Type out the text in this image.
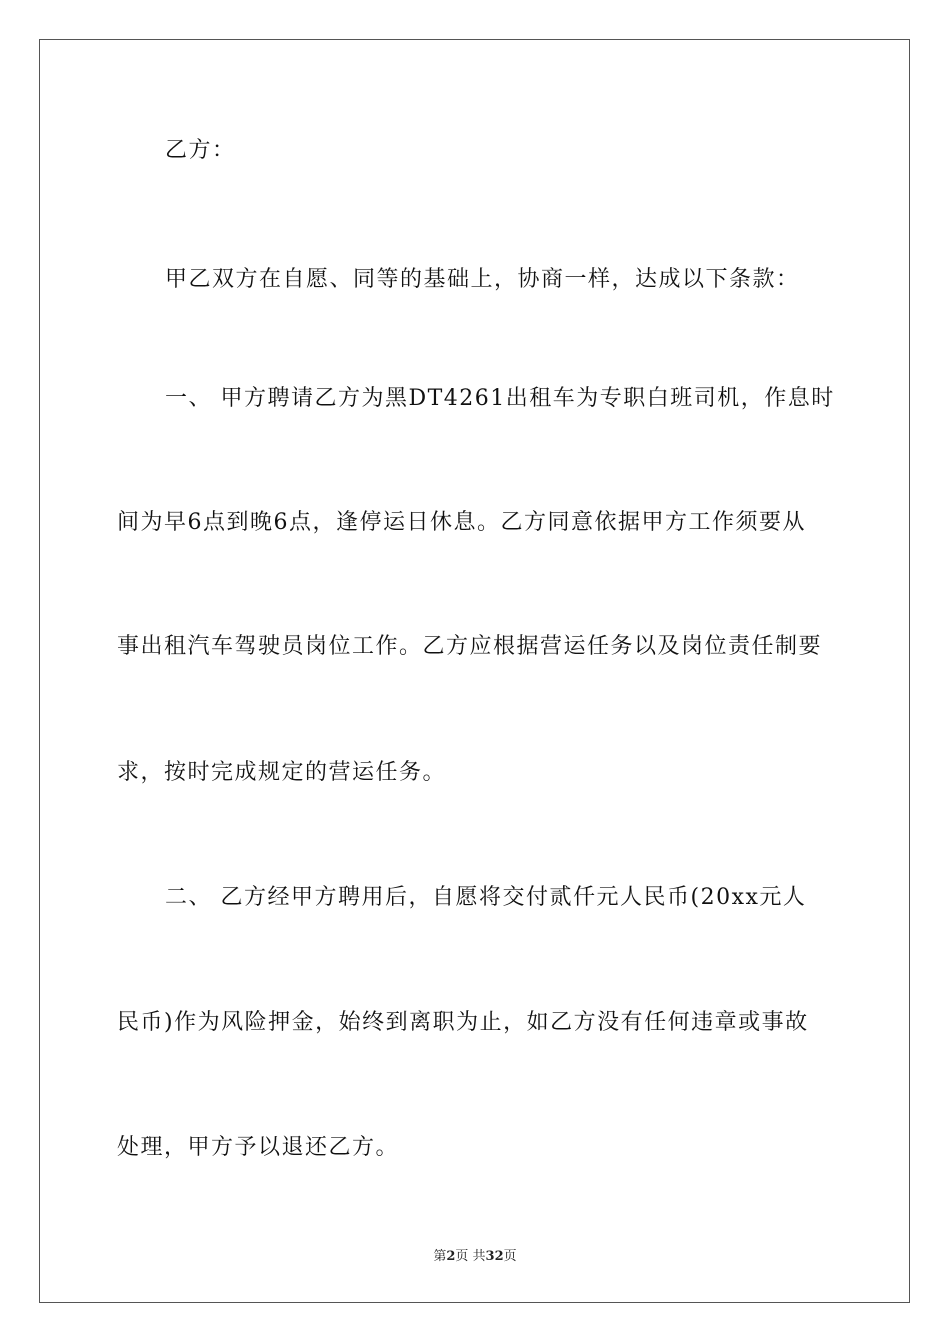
乙方：
甲乙双方在自愿、同等的基础上，协商一样，达成以下条款：
一、 甲方聘请乙方为黑DT4261出租车为专职白班司机，作息时
间为早6点到晚6点，逢停运日休息。乙方同意依据甲方工作须要从
事出租汽车驾驶员岗位工作。乙方应根据营运任务以及岗位责任制要
求，按时完成规定的营运任务。
二、 乙方经甲方聘用后，自愿将交付贰仟元人民币(20xx元人
民币)作为风险押金，始终到离职为止，如乙方没有任何违章或事故
处理，甲方予以退还乙方。
第2页 共32页
